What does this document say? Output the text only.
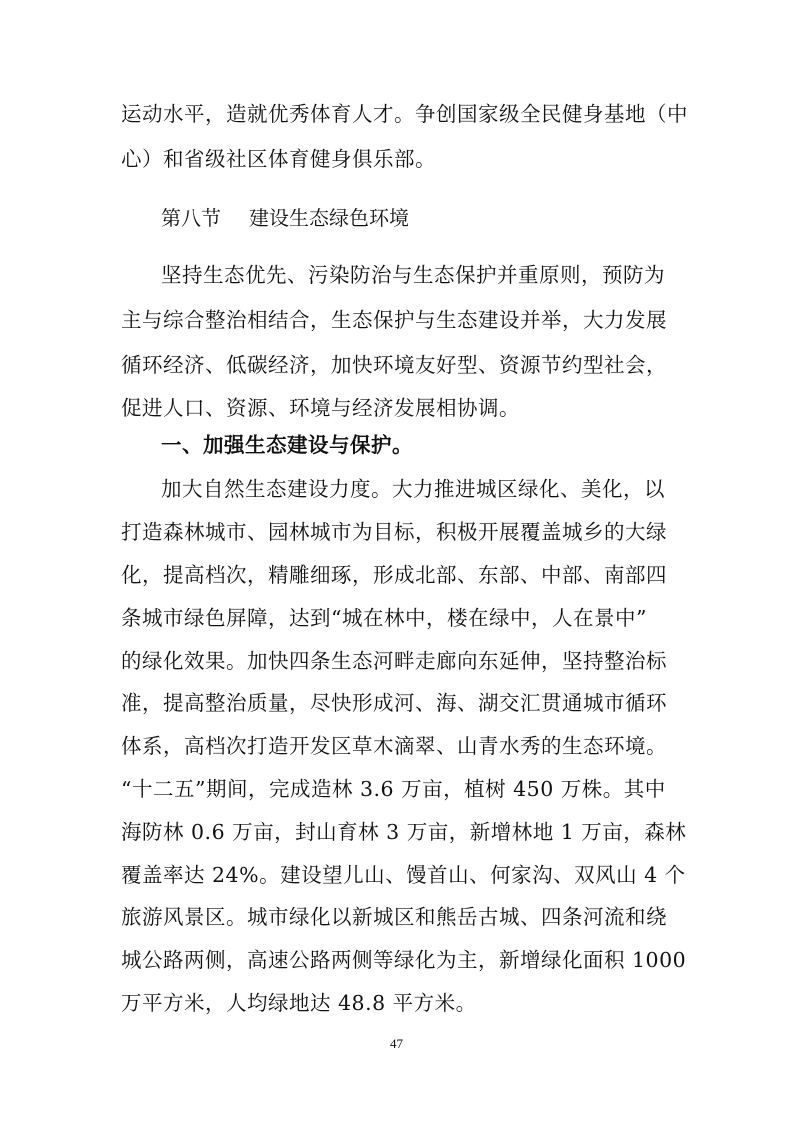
运动水平，造就优秀体育人才。争创国家级全民健身基地（中
心）和省级社区体育健身俱乐部。
第八节 建设生态绿色环境
坚持生态优先、污染防治与生态保护并重原则，预防为
主与综合整治相结合，生态保护与生态建设并举，大力发展
循环经济、低碳经济，加快环境友好型、资源节约型社会，
促进人口、资源、环境与经济发展相协调。
一、加强生态建设与保护。
加大自然生态建设力度。大力推进城区绿化、美化，以
打造森林城市、园林城市为目标，积极开展覆盖城乡的大绿
化，提高档次，精雕细琢，形成北部、东部、中部、南部四
条城市绿色屏障，达到“城在林中，楼在绿中，人在景中”
的绿化效果。加快四条生态河畔走廊向东延伸，坚持整治标
准，提高整治质量，尽快形成河、海、湖交汇贯通城市循环
体系，高档次打造开发区草木滴翠、山青水秀的生态环境。
“十二五”期间，完成造林 3.6 万亩，植树 450 万株。其中
海防林 0.6 万亩，封山育林 3 万亩，新增林地 1 万亩，森林
覆盖率达 24%。建设望儿山、馒首山、何家沟、双风山 4 个
旅游风景区。城市绿化以新城区和熊岳古城、四条河流和绕
城公路两侧，高速公路两侧等绿化为主，新增绿化面积 1000
万平方米，人均绿地达 48.8 平方米。
47
